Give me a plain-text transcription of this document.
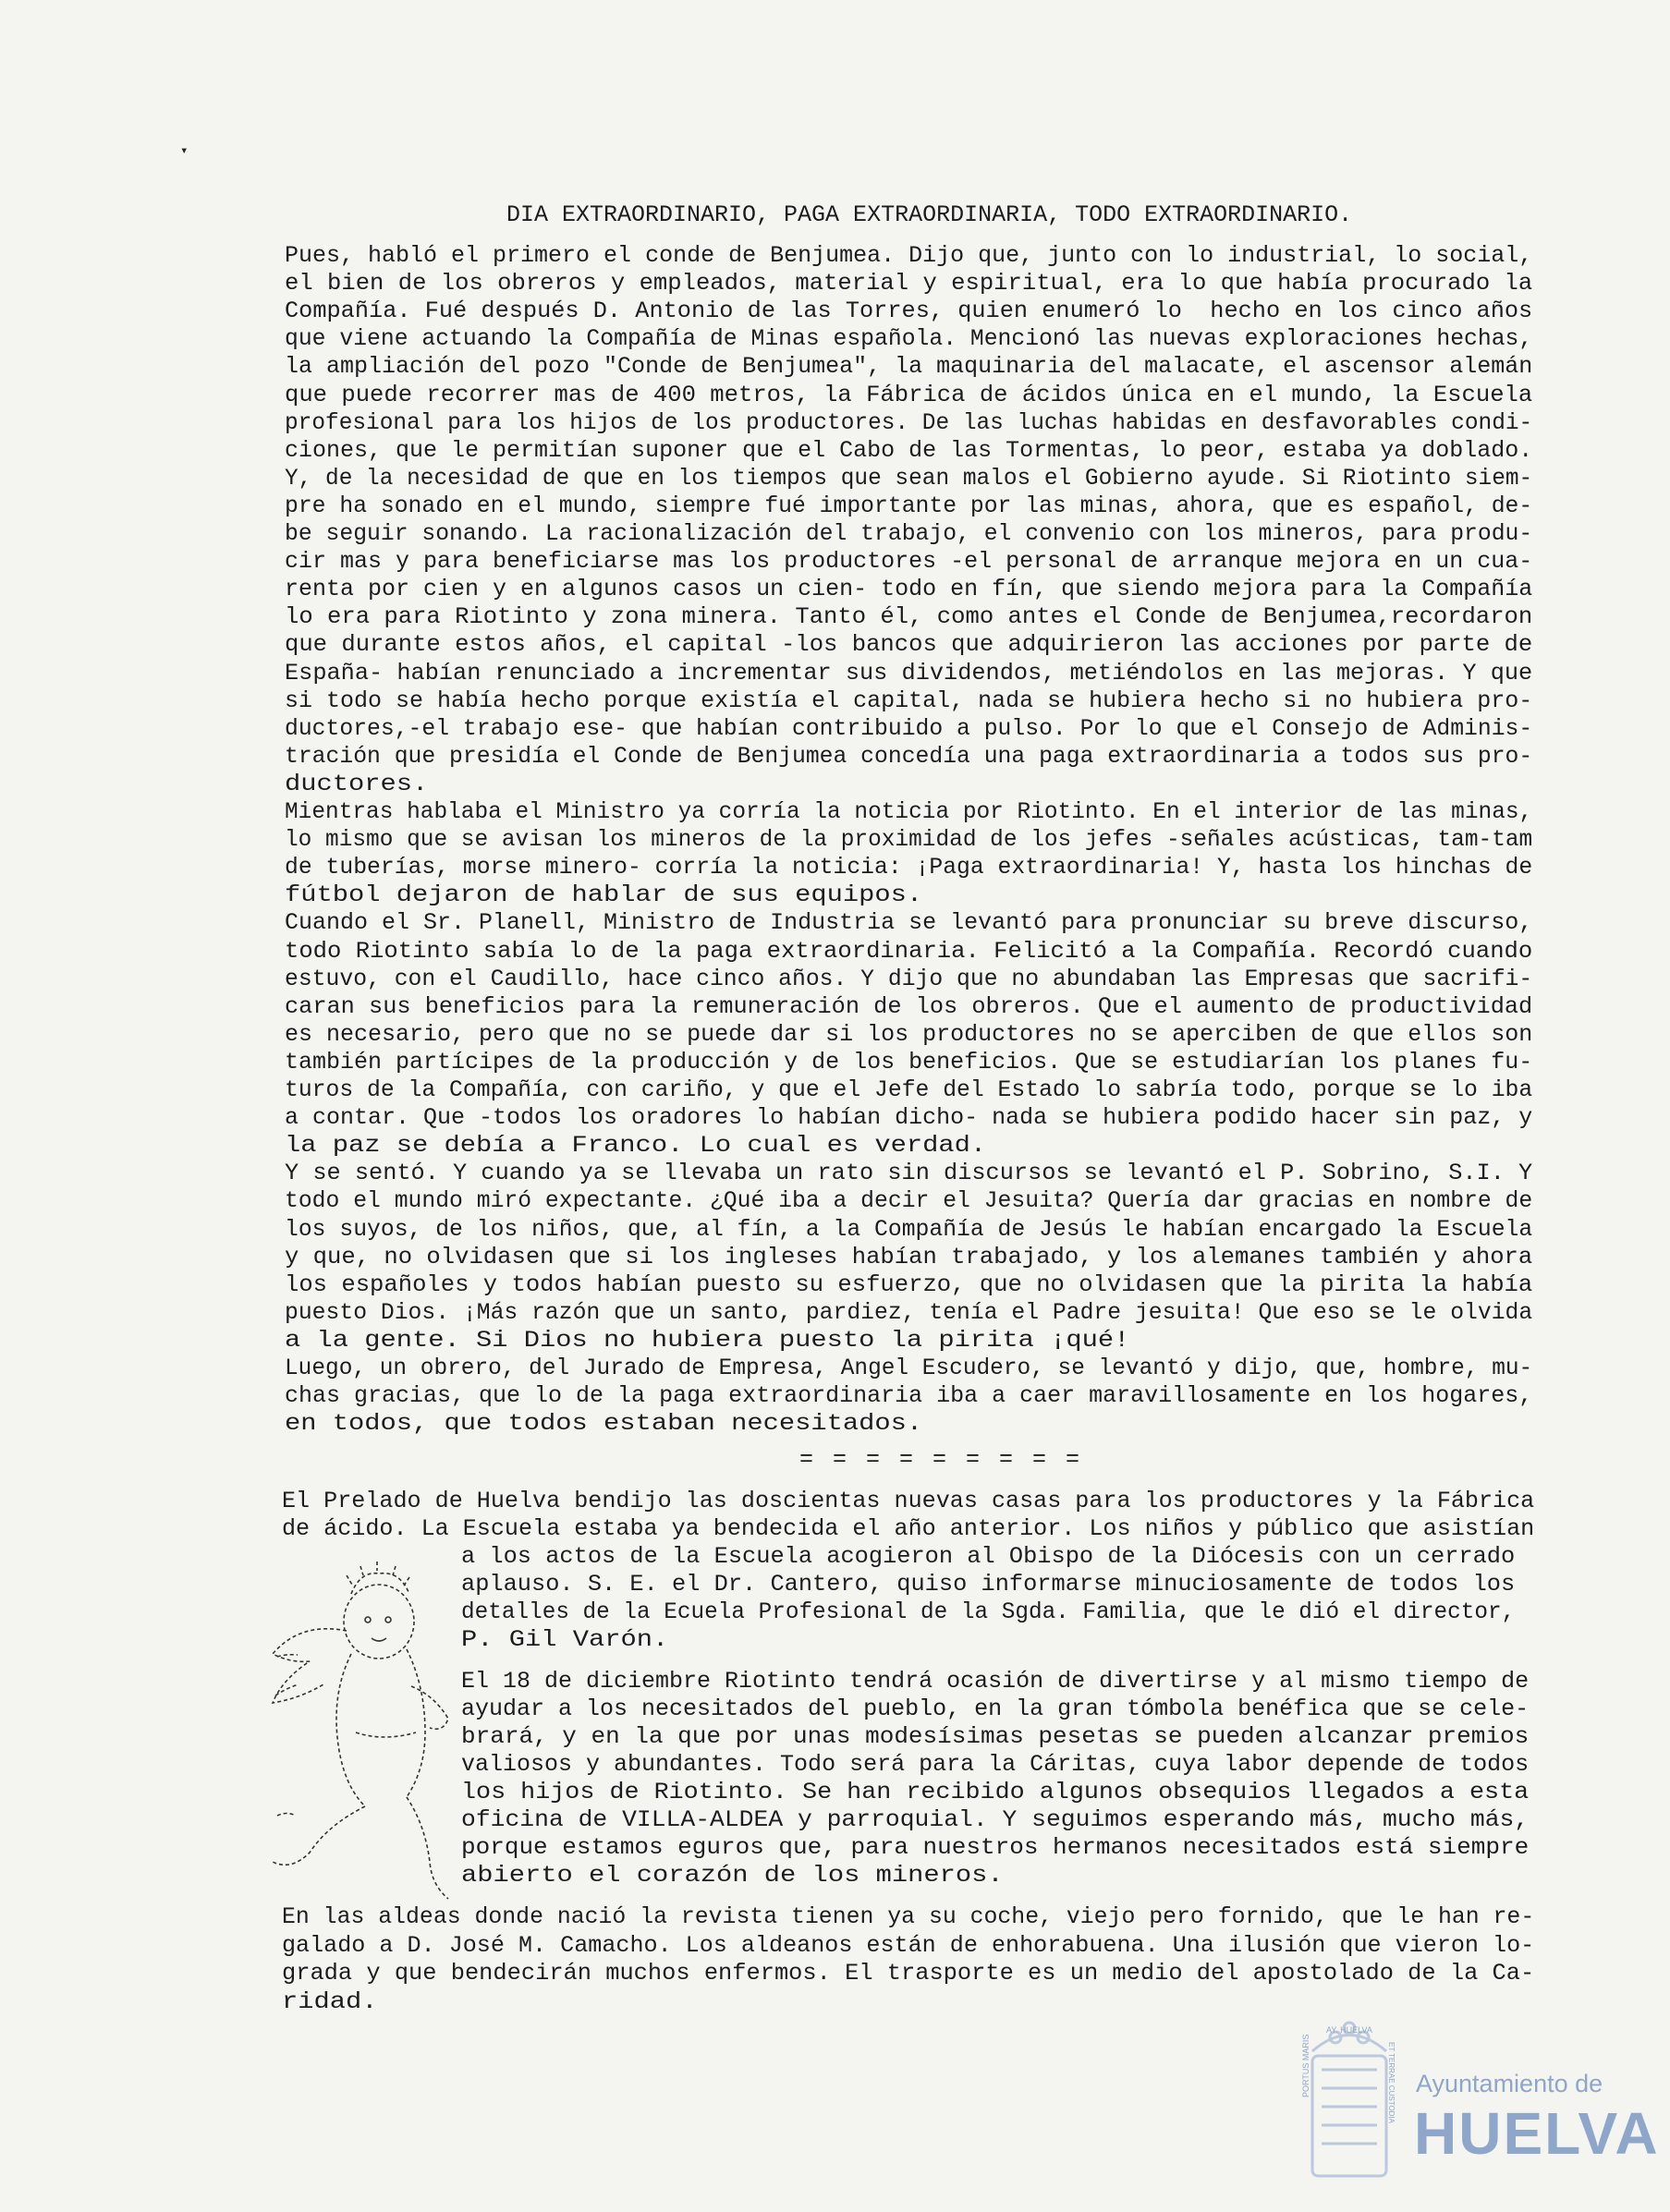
▾
DIA EXTRAORDINARIO, PAGA EXTRAORDINARIA, TODO EXTRAORDINARIO.
Pues, habló el primero el conde de Benjumea. Dijo que, junto con lo industrial, lo social,
el bien de los obreros y empleados, material y espiritual, era lo que había procurado la
Compañía. Fué después D. Antonio de las Torres, quien enumeró lo  hecho en los cinco años
que viene actuando la Compañía de Minas española. Mencionó las nuevas exploraciones hechas,
la ampliación del pozo "Conde de Benjumea", la maquinaria del malacate, el ascensor alemán
que puede recorrer mas de 400 metros, la Fábrica de ácidos única en el mundo, la Escuela
profesional para los hijos de los productores. De las luchas habidas en desfavorables condi-
ciones, que le permitían suponer que el Cabo de las Tormentas, lo peor, estaba ya doblado.
Y, de la necesidad de que en los tiempos que sean malos el Gobierno ayude. Si Riotinto siem-
pre ha sonado en el mundo, siempre fué importante por las minas, ahora, que es español, de-
be seguir sonando. La racionalización del trabajo, el convenio con los mineros, para produ-
cir mas y para beneficiarse mas los productores -el personal de arranque mejora en un cua-
renta por cien y en algunos casos un cien- todo en fín, que siendo mejora para la Compañía
lo era para Riotinto y zona minera. Tanto él, como antes el Conde de Benjumea,recordaron
que durante estos años, el capital -los bancos que adquirieron las acciones por parte de
España- habían renunciado a incrementar sus dividendos, metiéndolos en las mejoras. Y que
si todo se había hecho porque existía el capital, nada se hubiera hecho si no hubiera pro-
ductores,-el trabajo ese- que habían contribuido a pulso. Por lo que el Consejo de Adminis-
tración que presidía el Conde de Benjumea concedía una paga extraordinaria a todos sus pro-
ductores.
Mientras hablaba el Ministro ya corría la noticia por Riotinto. En el interior de las minas,
lo mismo que se avisan los mineros de la proximidad de los jefes -señales acústicas, tam-tam
de tuberías, morse minero- corría la noticia: ¡Paga extraordinaria! Y, hasta los hinchas de
fútbol dejaron de hablar de sus equipos.
Cuando el Sr. Planell, Ministro de Industria se levantó para pronunciar su breve discurso,
todo Riotinto sabía lo de la paga extraordinaria. Felicitó a la Compañía. Recordó cuando
estuvo, con el Caudillo, hace cinco años. Y dijo que no abundaban las Empresas que sacrifi-
caran sus beneficios para la remuneración de los obreros. Que el aumento de productividad
es necesario, pero que no se puede dar si los productores no se aperciben de que ellos son
también partícipes de la producción y de los beneficios. Que se estudiarían los planes fu-
turos de la Compañía, con cariño, y que el Jefe del Estado lo sabría todo, porque se lo iba
a contar. Que -todos los oradores lo habían dicho- nada se hubiera podido hacer sin paz, y
la paz se debía a Franco. Lo cual es verdad.
Y se sentó. Y cuando ya se llevaba un rato sin discursos se levantó el P. Sobrino, S.I. Y
todo el mundo miró expectante. ¿Qué iba a decir el Jesuita? Quería dar gracias en nombre de
los suyos, de los niños, que, al fín, a la Compañía de Jesús le habían encargado la Escuela
y que, no olvidasen que si los ingleses habían trabajado, y los alemanes también y ahora
los españoles y todos habían puesto su esfuerzo, que no olvidasen que la pirita la había
puesto Dios. ¡Más razón que un santo, pardiez, tenía el Padre jesuita! Que eso se le olvida
a la gente. Si Dios no hubiera puesto la pirita ¡qué!
Luego, un obrero, del Jurado de Empresa, Angel Escudero, se levantó y dijo, que, hombre, mu-
chas gracias, que lo de la paga extraordinaria iba a caer maravillosamente en los hogares,
en todos, que todos estaban necesitados.
= = = = = = = = =
El Prelado de Huelva bendijo las doscientas nuevas casas para los productores y la Fábrica
de ácido. La Escuela estaba ya bendecida el año anterior. Los niños y público que asistían
a los actos de la Escuela acogieron al Obispo de la Diócesis con un cerrado
aplauso. S. E. el Dr. Cantero, quiso informarse minuciosamente de todos los
detalles de la Ecuela Profesional de la Sgda. Familia, que le dió el director,
P. Gil Varón.
El 18 de diciembre Riotinto tendrá ocasión de divertirse y al mismo tiempo de
ayudar a los necesitados del pueblo, en la gran tómbola benéfica que se cele-
brará, y en la que por unas modesísimas pesetas se pueden alcanzar premios
valiosos y abundantes. Todo será para la Cáritas, cuya labor depende de todos
los hijos de Riotinto. Se han recibido algunos obsequios llegados a esta
oficina de VILLA-ALDEA y parroquial. Y seguimos esperando más, mucho más,
porque estamos eguros que, para nuestros hermanos necesitados está siempre
abierto el corazón de los mineros.
En las aldeas donde nació la revista tienen ya su coche, viejo pero fornido, que le han re-
galado a D. José M. Camacho. Los aldeanos están de enhorabuena. Una ilusión que vieron lo-
grada y que bendecirán muchos enfermos. El trasporte es un medio del apostolado de la Ca-
ridad.
Ayuntamiento de
HUELVA
AY. HUELVA
PORTUS MARIS	ET TERRAE CUSTODIA
